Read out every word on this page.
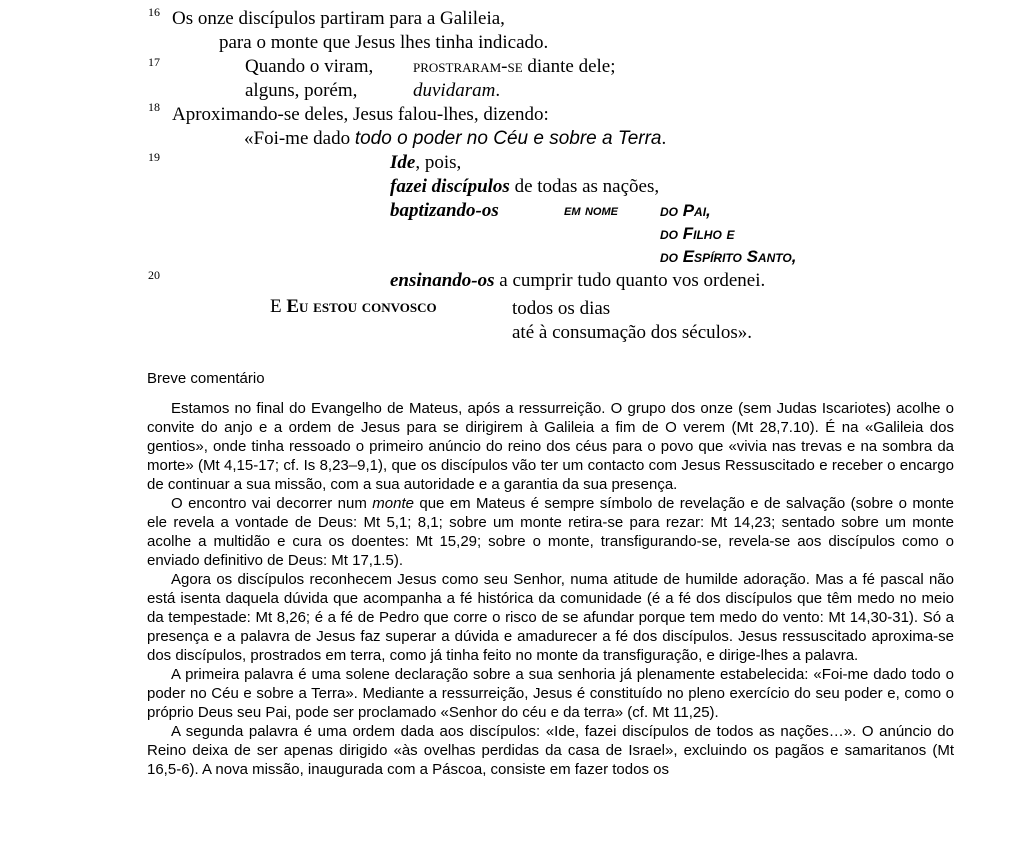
16 Os onze discípulos partiram para a Galileia,
para o monte que Jesus lhes tinha indicado.
17	Quando o viram, prostraram-se diante dele;
alguns, porém,	duvidaram.
18 Aproximando-se deles, Jesus falou-lhes, dizendo:
«Foi-me dado todo o poder no Céu e sobre a Terra.
19	Ide, pois,
fazei discípulos de todas as nações,
baptizando-os	em nome do Pai,
do Filho e
do Espírito Santo,
20	ensinando-os a cumprir tudo quanto vos ordenei.
E Eu estou convosco	todos os dias
até à consumação dos séculos».
Breve comentário

Estamos no final do Evangelho de Mateus, após a ressurreição. O grupo dos onze (sem Judas Iscariotes) acolhe o convite do anjo e a ordem de Jesus para se dirigirem à Galileia a fim de O verem (Mt 28,7.10). É na «Galileia dos gentios», onde tinha ressoado o primeiro anúncio do reino dos céus para o povo que «vivia nas trevas e na sombra da morte» (Mt 4,15-17; cf. Is 8,23–9,1), que os discípulos vão ter um contacto com Jesus Ressuscitado e receber o encargo de continuar a sua missão, com a sua autoridade e a garantia da sua presença.

O encontro vai decorrer num monte que em Mateus é sempre símbolo de revelação e de salvação (sobre o monte ele revela a vontade de Deus: Mt 5,1; 8,1; sobre um monte retira-se para rezar: Mt 14,23; sentado sobre um monte acolhe a multidão e cura os doentes: Mt 15,29; sobre o monte, transfigurando-se, revela-se aos discípulos como o enviado definitivo de Deus: Mt 17,1.5).

Agora os discípulos reconhecem Jesus como seu Senhor, numa atitude de humilde adoração. Mas a fé pascal não está isenta daquela dúvida que acompanha a fé histórica da comunidade (é a fé dos discípulos que têm medo no meio da tempestade: Mt 8,26; é a fé de Pedro que corre o risco de se afundar porque tem medo do vento: Mt 14,30-31). Só a presença e a palavra de Jesus faz superar a dúvida e amadurecer a fé dos discípulos. Jesus ressuscitado aproxima-se dos discípulos, prostrados em terra, como já tinha feito no monte da transfiguração, e dirige-lhes a palavra.

A primeira palavra é uma solene declaração sobre a sua senhoria já plenamente estabelecida: «Foi-me dado todo o poder no Céu e sobre a Terra». Mediante a ressurreição, Jesus é constituído no pleno exercício do seu poder e, como o próprio Deus seu Pai, pode ser proclamado «Senhor do céu e da terra» (cf. Mt 11,25).

A segunda palavra é uma ordem dada aos discípulos: «Ide, fazei discípulos de todos as nações…». O anúncio do Reino deixa de ser apenas dirigido «às ovelhas perdidas da casa de Israel», excluindo os pagãos e samaritanos (Mt 16,5-6). A nova missão, inaugurada com a Páscoa, consiste em fazer todos os
